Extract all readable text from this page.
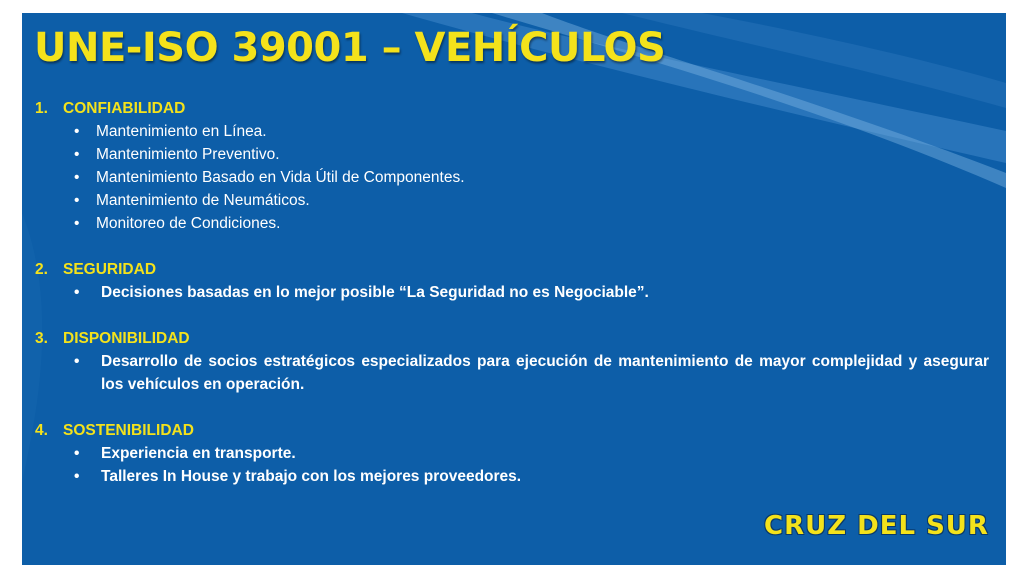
UNE-ISO 39001 – VEHÍCULOS
1. CONFIABILIDAD
•	Mantenimiento en Línea.
•	Mantenimiento Preventivo.
•	Mantenimiento Basado en Vida Útil de Componentes.
•	Mantenimiento de Neumáticos.
•	Monitoreo de Condiciones.
2. SEGURIDAD
•	Decisiones basadas en lo mejor posible “La Seguridad no es Negociable”.
3. DISPONIBILIDAD
•	Desarrollo de socios estratégicos especializados para ejecución de mantenimiento de mayor complejidad y asegurar los vehículos en operación.
4. SOSTENIBILIDAD
•	Experiencia en transporte.
•	Talleres In House y trabajo con los mejores proveedores.
CRUZ DEL SUR
